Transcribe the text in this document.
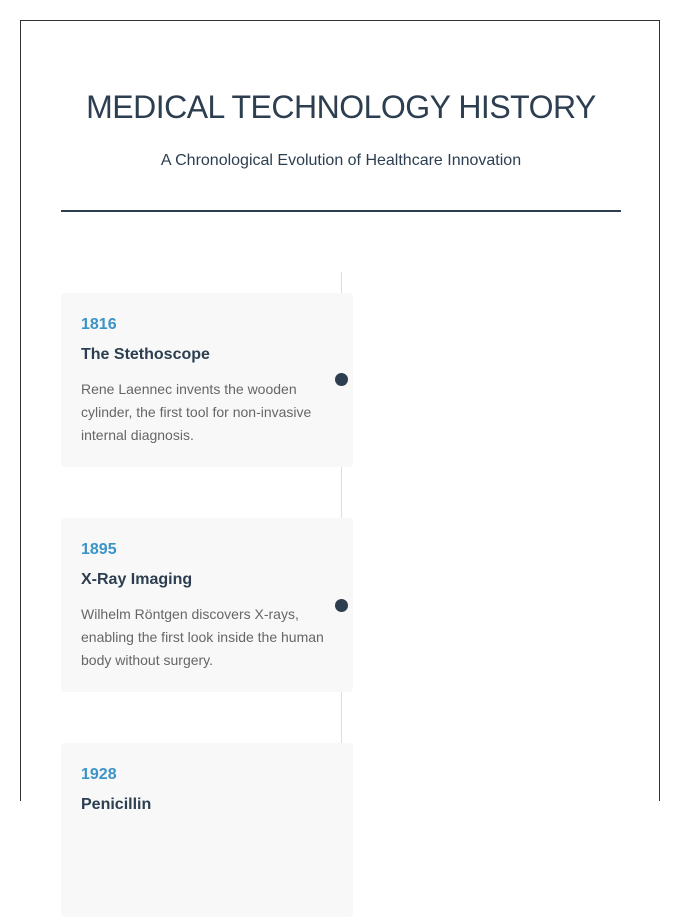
MEDICAL TECHNOLOGY HISTORY

A Chronological Evolution of Healthcare Innovation

1816
The Stethoscope

Rene Laennec invents the wooden cylinder, the first tool for non-invasive internal diagnosis.

1895
X-Ray Imaging

Wilhelm Röntgen discovers X-rays, enabling the first look inside the human body without surgery.

1928
Penicillin
